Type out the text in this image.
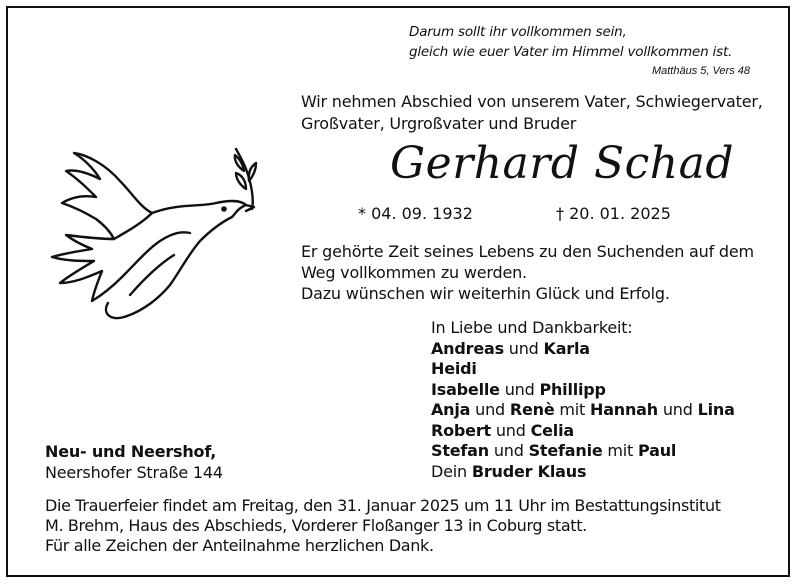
Darum sollt ihr vollkommen sein,
gleich wie euer Vater im Himmel vollkommen ist.
Matthäus 5, Vers 48
Wir nehmen Abschied von unserem Vater, Schwiegervater,
Großvater, Urgroßvater und Bruder
Gerhard Schad
* 04. 09. 1932	† 20. 01. 2025
Er gehörte Zeit seines Lebens zu den Suchenden auf dem
Weg vollkommen zu werden.
Dazu wünschen wir weiterhin Glück und Erfolg.
In Liebe und Dankbarkeit:
Andreas und Karla
Heidi
Isabelle und Phillipp
Anja und Renè mit Hannah und Lina
Robert und Celia
Stefan und Stefanie mit Paul
Dein Bruder Klaus
Neu- und Neershof,
Neershofer Straße 144
Die Trauerfeier findet am Freitag, den 31. Januar 2025 um 11 Uhr im Bestattungsinstitut
M. Brehm, Haus des Abschieds, Vorderer Floßanger 13 in Coburg statt.
Für alle Zeichen der Anteilnahme herzlichen Dank.
